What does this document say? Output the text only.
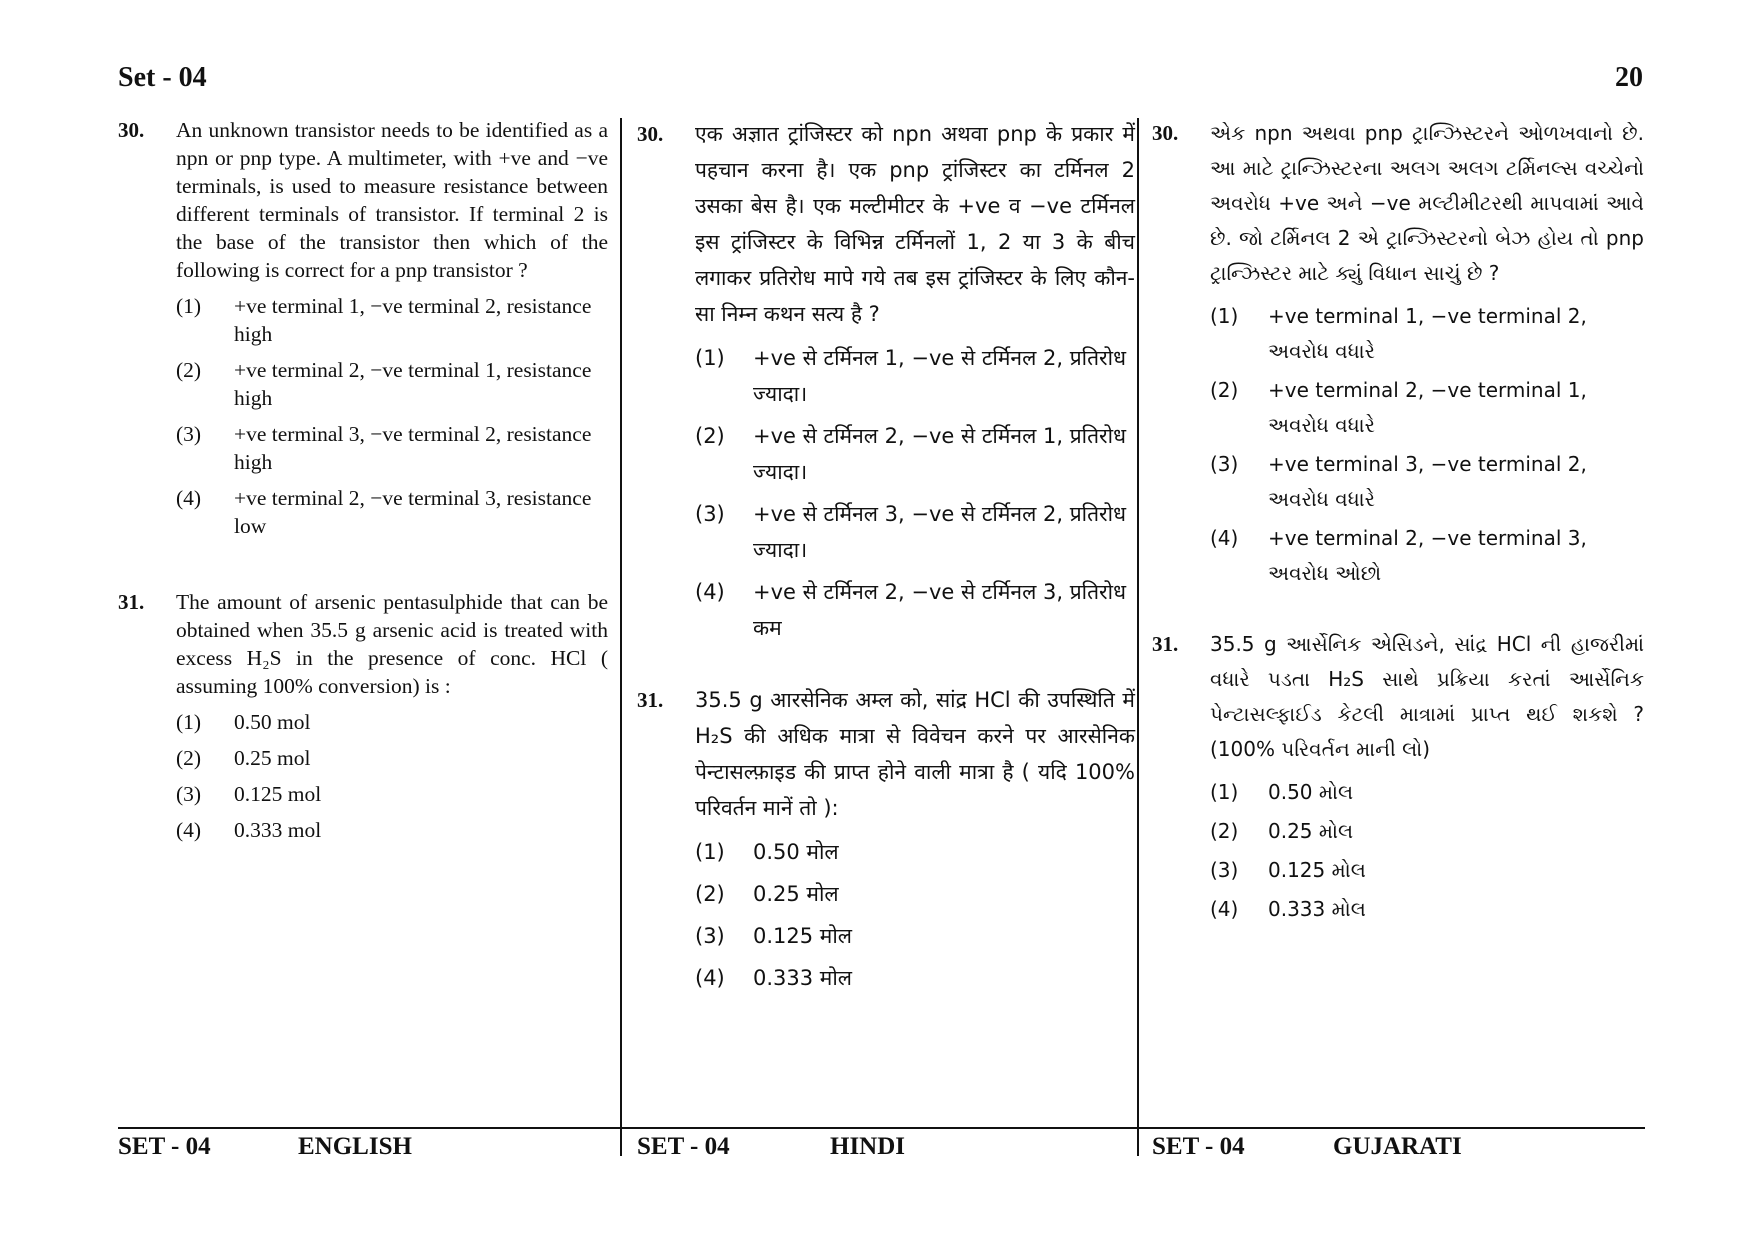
Set - 04	20
30. An unknown transistor needs to be identified as a npn or pnp type. A multimeter, with +ve and −ve terminals, is used to measure resistance between different terminals of transistor. If terminal 2 is the base of the transistor then which of the following is correct for a pnp transistor ?
(1) +ve terminal 1, −ve terminal 2, resistance high
(2) +ve terminal 2, −ve terminal 1, resistance high
(3) +ve terminal 3, −ve terminal 2, resistance high
(4) +ve terminal 2, −ve terminal 3, resistance low
31. The amount of arsenic pentasulphide that can be obtained when 35.5 g arsenic acid is treated with excess H₂S in the presence of conc. HCl ( assuming 100% conversion) is :
(1) 0.50 mol
(2) 0.25 mol
(3) 0.125 mol
(4) 0.333 mol
30. एक अज्ञात ट्रांजिस्टर को npn अथवा pnp के प्रकार में पहचान करना है। एक pnp ट्रांजिस्टर का टर्मिनल 2 उसका बेस है। एक मल्टीमीटर के +ve व −ve टर्मिनल इस ट्रांजिस्टर के विभिन्न टर्मिनलों 1, 2 या 3 के बीच लगाकर प्रतिरोध मापे गये तब इस ट्रांजिस्टर के लिए कौन-सा निम्न कथन सत्य है ?
(1) +ve से टर्मिनल 1, −ve से टर्मिनल 2, प्रतिरोध ज्यादा।
(2) +ve से टर्मिनल 2, −ve से टर्मिनल 1, प्रतिरोध ज्यादा।
(3) +ve से टर्मिनल 3, −ve से टर्मिनल 2, प्रतिरोध ज्यादा।
(4) +ve से टर्मिनल 2, −ve से टर्मिनल 3, प्रतिरोध कम
31. 35.5 g आरसेनिक अम्ल को, सांद्र HCl की उपस्थिति में H₂S की अधिक मात्रा से विवेचन करने पर आरसेनिक पेन्टासल्फ़ाइड की प्राप्त होने वाली मात्रा है ( यदि 100% परिवर्तन मानें तो ):
(1) 0.50 मोल
(2) 0.25 मोल
(3) 0.125 मोल
(4) 0.333 मोल
30. એક npn અથવા pnp ટ્રાન્ઝિસ્ટરને ઓળખવાનો છે. આ માટે ટ્રાન્ઝિસ્ટરના અલગ અલગ ટર્મિનલ્સ વચ્ચેનો અવરોધ +ve અને −ve મલ્ટીમીટરથી માપવામાં આવે છે. જો ટર્મિનલ 2 એ ટ્રાન્ઝિસ્ટરનો બેઝ હોય તો pnp ટ્રાન્ઝિસ્ટર માટે ક્યું વિધાન સાચું છે ?
(1) +ve terminal 1, −ve terminal 2, અવરોધ વધારે
(2) +ve terminal 2, −ve terminal 1, અવરોધ વધારે
(3) +ve terminal 3, −ve terminal 2, અવરોધ વધારે
(4) +ve terminal 2, −ve terminal 3, અવરોધ ઓછો
31. 35.5 g આર્સેનિક એસિડને, સાંદ્ર HCl ની હાજરીમાં વધારે પડતા H₂S સાથે પ્રક્રિયા કરતાં આર્સેનિક પેન્ટાસલ્ફાઈડ કેટલી માત્રામાં પ્રાપ્ત થઈ શકશે ? (100% પરિવર્તન માની લો)
(1) 0.50 મોલ
(2) 0.25 મોલ
(3) 0.125 મોલ
(4) 0.333 મોલ
SET - 04	ENGLISH	SET - 04	HINDI	SET - 04	GUJARATI
